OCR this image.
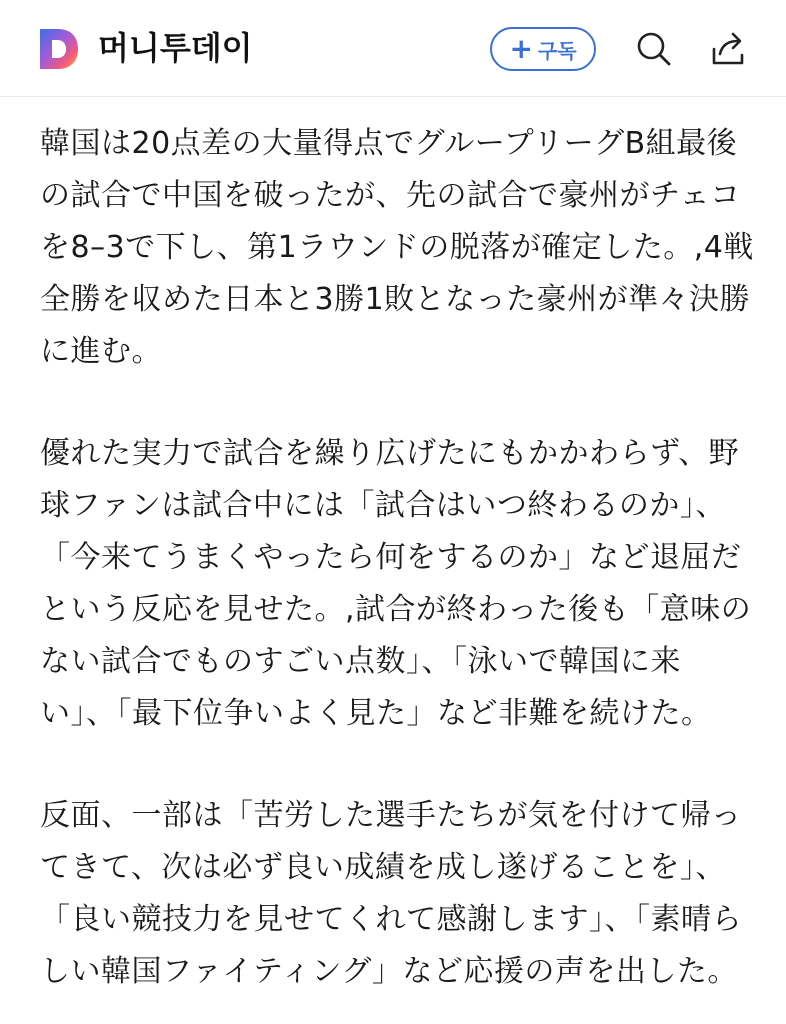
머니투데이	+ 구독

韓国は20点差の大量得点でグループリーグB組最後の試合で中国を破ったが、先の試合で豪州がチェコを8–3で下し、第1ラウンドの脱落が確定した。,4戦全勝を収めた日本と3勝1敗となった豪州が準々決勝に進む。

優れた実力で試合を繰り広げたにもかかわらず、野球ファンは試合中には「試合はいつ終わるのか」、「今来てうまくやったら何をするのか」など退屈だという反応を見せた。,試合が終わった後も「意味のない試合でものすごい点数」、「泳いで韓国に来い」、「最下位争いよく見た」など非難を続けた。

反面、一部は「苦労した選手たちが気を付けて帰ってきて、次は必ず良い成績を成し遂げることを」、「良い競技力を見せてくれて感謝します」、「素晴らしい韓国ファイティング」など応援の声を出した。
